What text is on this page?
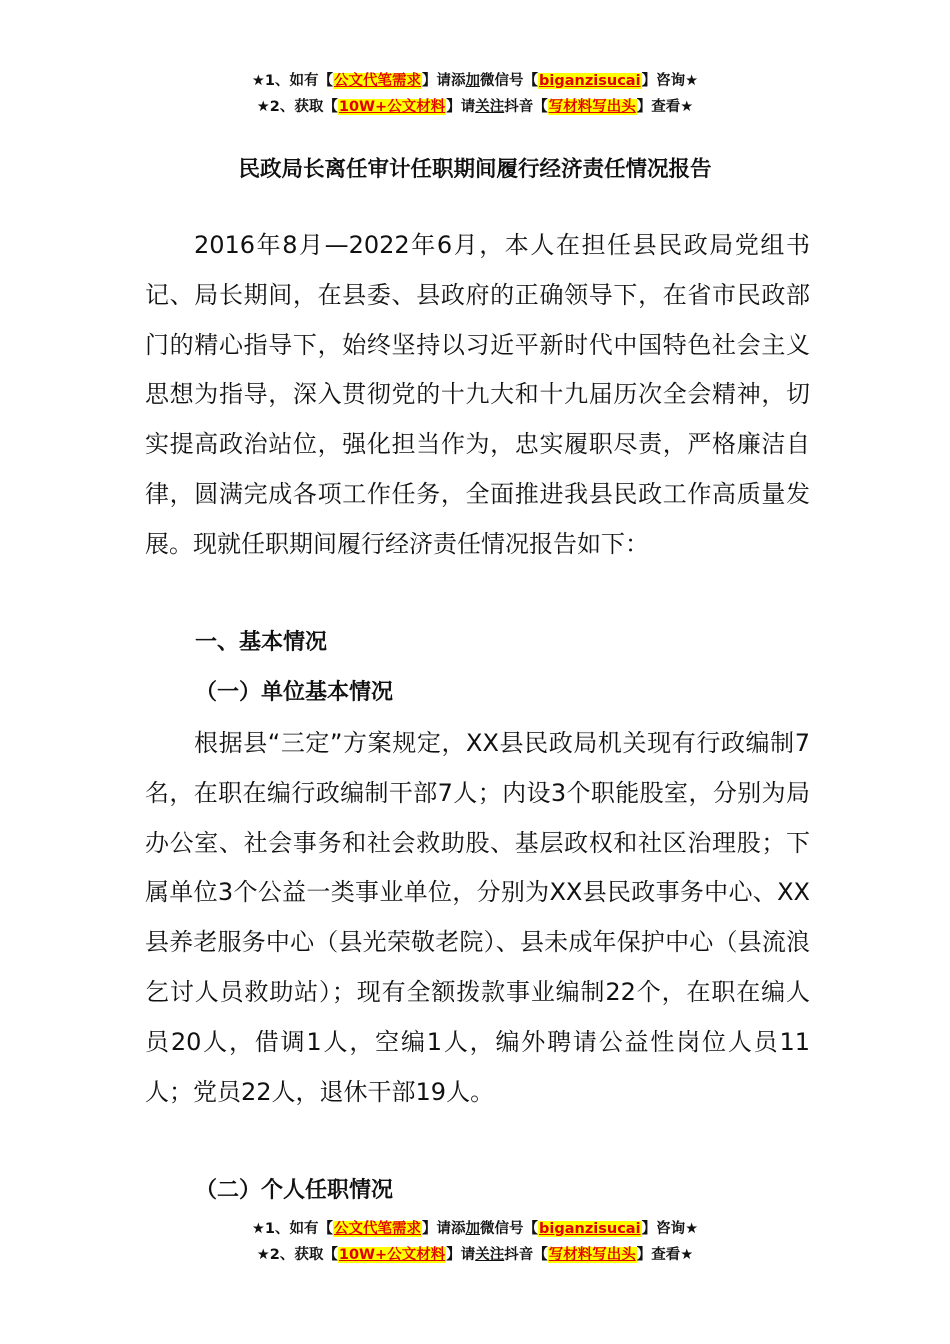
★1、如有【公文代笔需求】请添加微信号【biganzisucai】咨询★
★2、获取【10W+公文材料】请关注抖音【写材料写出头】查看★
民政局长离任审计任职期间履行经济责任情况报告

2016年8月—2022年6月，本人在担任县民政局党组书记、局长期间，在县委、县政府的正确领导下，在省市民政部门的精心指导下，始终坚持以习近平新时代中国特色社会主义思想为指导，深入贯彻党的十九大和十九届历次全会精神，切实提高政治站位，强化担当作为，忠实履职尽责，严格廉洁自律，圆满完成各项工作任务，全面推进我县民政工作高质量发展。现就任职期间履行经济责任情况报告如下：

一、基本情况
（一）单位基本情况

根据县“三定”方案规定，XX县民政局机关现有行政编制7名，在职在编行政编制干部7人；内设3个职能股室，分别为局办公室、社会事务和社会救助股、基层政权和社区治理股；下属单位3个公益一类事业单位，分别为XX县民政事务中心、XX县养老服务中心（县光荣敬老院）、县未成年保护中心（县流浪乞讨人员救助站）；现有全额拨款事业编制22个，在职在编人员20人，借调1人，空编1人，编外聘请公益性岗位人员11人；党员22人，退休干部19人。

（二）个人任职情况
★1、如有【公文代笔需求】请添加微信号【biganzisucai】咨询★
★2、获取【10W+公文材料】请关注抖音【写材料写出头】查看★
